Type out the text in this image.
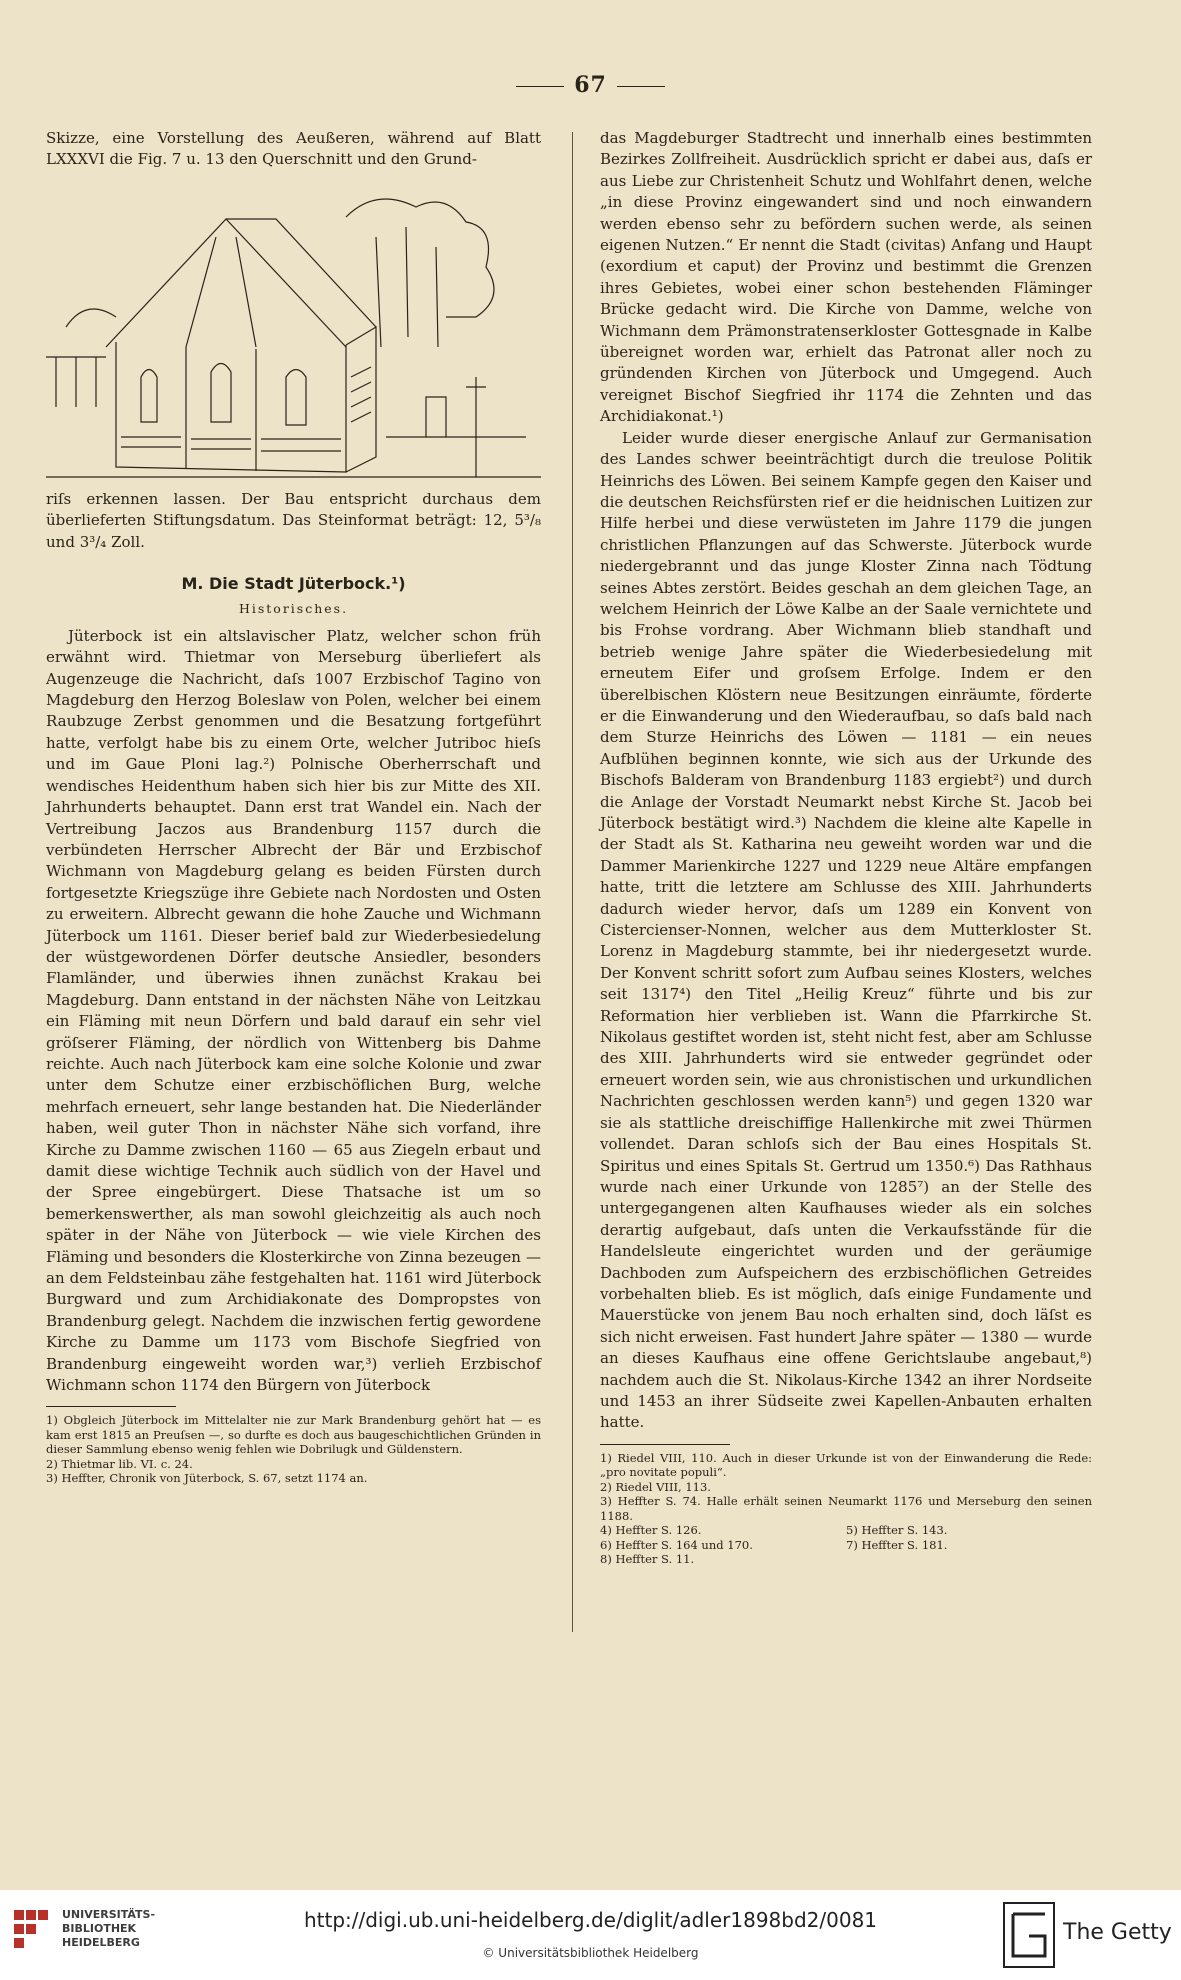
67

Skizze, eine Vorstellung des Aeußeren, während auf Blatt LXXXVI die Fig. 7 u. 13 den Querschnitt und den Grund-

riſs erkennen lassen. Der Bau entspricht durchaus dem überlieferten Stiftungsdatum. Das Steinformat beträgt: 12, 5³/₈ und 3³/₄ Zoll.

M. Die Stadt Jüterbock.¹)
Historisches.

Jüterbock ist ein altslavischer Platz, welcher schon früh erwähnt wird. Thietmar von Merseburg überliefert als Augenzeuge die Nachricht, daſs 1007 Erzbischof Tagino von Magdeburg den Herzog Boleslaw von Polen, welcher bei einem Raubzuge Zerbst genommen und die Besatzung fortgeführt hatte, verfolgt habe bis zu einem Orte, welcher Jutriboc hieſs und im Gaue Ploni lag.²) Polnische Oberherrschaft und wendisches Heidenthum haben sich hier bis zur Mitte des XII. Jahrhunderts behauptet. Dann erst trat Wandel ein. Nach der Vertreibung Jaczos aus Brandenburg 1157 durch die verbündeten Herrscher Albrecht der Bär und Erzbischof Wichmann von Magdeburg gelang es beiden Fürsten durch fortgesetzte Kriegszüge ihre Gebiete nach Nordosten und Osten zu erweitern. Albrecht gewann die hohe Zauche und Wichmann Jüterbock um 1161. Dieser berief bald zur Wiederbesiedelung der wüstgewordenen Dörfer deutsche Ansiedler, besonders Flamländer, und überwies ihnen zunächst Krakau bei Magdeburg. Dann entstand in der nächsten Nähe von Leitzkau ein Fläming mit neun Dörfern und bald darauf ein sehr viel gröſserer Fläming, der nördlich von Wittenberg bis Dahme reichte. Auch nach Jüterbock kam eine solche Kolonie und zwar unter dem Schutze einer erzbischöflichen Burg, welche mehrfach erneuert, sehr lange bestanden hat. Die Niederländer haben, weil guter Thon in nächster Nähe sich vorfand, ihre Kirche zu Damme zwischen 1160 — 65 aus Ziegeln erbaut und damit diese wichtige Technik auch südlich von der Havel und der Spree eingebürgert. Diese Thatsache ist um so bemerkenswerther, als man sowohl gleichzeitig als auch noch später in der Nähe von Jüterbock — wie viele Kirchen des Fläming und besonders die Klosterkirche von Zinna bezeugen — an dem Feldsteinbau zähe festgehalten hat. 1161 wird Jüterbock Burgward und zum Archidiakonate des Dompropstes von Brandenburg gelegt. Nachdem die inzwischen fertig gewordene Kirche zu Damme um 1173 vom Bischofe Siegfried von Brandenburg eingeweiht worden war,³) verlieh Erzbischof Wichmann schon 1174 den Bürgern von Jüterbock

1) Obgleich Jüterbock im Mittelalter nie zur Mark Brandenburg gehört hat — es kam erst 1815 an Preuſsen —, so durfte es doch aus baugeschichtlichen Gründen in dieser Sammlung ebenso wenig fehlen wie Dobrilugk und Güldenstern.
2) Thietmar lib. VI. c. 24.
3) Heffter, Chronik von Jüterbock, S. 67, setzt 1174 an.

das Magdeburger Stadtrecht und innerhalb eines bestimmten Bezirkes Zollfreiheit. Ausdrücklich spricht er dabei aus, daſs er aus Liebe zur Christenheit Schutz und Wohlfahrt denen, welche „in diese Provinz eingewandert sind und noch einwandern werden ebenso sehr zu befördern suchen werde, als seinen eigenen Nutzen.“ Er nennt die Stadt (civitas) Anfang und Haupt (exordium et caput) der Provinz und bestimmt die Grenzen ihres Gebietes, wobei einer schon bestehenden Fläminger Brücke gedacht wird. Die Kirche von Damme, welche von Wichmann dem Prämonstratenserkloster Gottesgnade in Kalbe übereignet worden war, erhielt das Patronat aller noch zu gründenden Kirchen von Jüterbock und Umgegend. Auch vereignet Bischof Siegfried ihr 1174 die Zehnten und das Archidiakonat.¹)

Leider wurde dieser energische Anlauf zur Germanisation des Landes schwer beeinträchtigt durch die treulose Politik Heinrichs des Löwen. Bei seinem Kampfe gegen den Kaiser und die deutschen Reichsfürsten rief er die heidnischen Luitizen zur Hilfe herbei und diese verwüsteten im Jahre 1179 die jungen christlichen Pflanzungen auf das Schwerste. Jüterbock wurde niedergebrannt und das junge Kloster Zinna nach Tödtung seines Abtes zerstört. Beides geschah an dem gleichen Tage, an welchem Heinrich der Löwe Kalbe an der Saale vernichtete und bis Frohse vordrang. Aber Wichmann blieb standhaft und betrieb wenige Jahre später die Wiederbesiedelung mit erneutem Eifer und groſsem Erfolge. Indem er den überelbischen Klöstern neue Besitzungen einräumte, förderte er die Einwanderung und den Wiederaufbau, so daſs bald nach dem Sturze Heinrichs des Löwen — 1181 — ein neues Aufblühen beginnen konnte, wie sich aus der Urkunde des Bischofs Balderam von Brandenburg 1183 ergiebt²) und durch die Anlage der Vorstadt Neumarkt nebst Kirche St. Jacob bei Jüterbock bestätigt wird.³) Nachdem die kleine alte Kapelle in der Stadt als St. Katharina neu geweiht worden war und die Dammer Marienkirche 1227 und 1229 neue Altäre empfangen hatte, tritt die letztere am Schlusse des XIII. Jahrhunderts dadurch wieder hervor, daſs um 1289 ein Konvent von Cistercienser-Nonnen, welcher aus dem Mutterkloster St. Lorenz in Magdeburg stammte, bei ihr niedergesetzt wurde. Der Konvent schritt sofort zum Aufbau seines Klosters, welches seit 1317⁴) den Titel „Heilig Kreuz“ führte und bis zur Reformation hier verblieben ist. Wann die Pfarrkirche St. Nikolaus gestiftet worden ist, steht nicht fest, aber am Schlusse des XIII. Jahrhunderts wird sie entweder gegründet oder erneuert worden sein, wie aus chronistischen und urkundlichen Nachrichten geschlossen werden kann⁵) und gegen 1320 war sie als stattliche dreischiffige Hallenkirche mit zwei Thürmen vollendet. Daran schloſs sich der Bau eines Hospitals St. Spiritus und eines Spitals St. Gertrud um 1350.⁶) Das Rathhaus wurde nach einer Urkunde von 1285⁷) an der Stelle des untergegangenen alten Kaufhauses wieder als ein solches derartig aufgebaut, daſs unten die Verkaufsstände für die Handelsleute eingerichtet wurden und der geräumige Dachboden zum Aufspeichern des erzbischöflichen Getreides vorbehalten blieb. Es ist möglich, daſs einige Fundamente und Mauerstücke von jenem Bau noch erhalten sind, doch läſst es sich nicht erweisen. Fast hundert Jahre später — 1380 — wurde an dieses Kaufhaus eine offene Gerichtslaube angebaut,⁸) nachdem auch die St. Nikolaus-Kirche 1342 an ihrer Nordseite und 1453 an ihrer Südseite zwei Kapellen-Anbauten erhalten hatte.

1) Riedel VIII, 110. Auch in dieser Urkunde ist von der Einwanderung die Rede: „pro novitate populi“.
2) Riedel VIII, 113.
3) Heffter S. 74. Halle erhält seinen Neumarkt 1176 und Merseburg den seinen 1188.
4) Heffter S. 126.	5) Heffter S. 143.
6) Heffter S. 164 und 170.	7) Heffter S. 181.
8) Heffter S. 11.
UNIVERSITÄTS-
BIBLIOTHEK
HEIDELBERG
http://digi.ub.uni-heidelberg.de/diglit/adler1898bd2/0081
© Universitätsbibliothek Heidelberg
The Getty
